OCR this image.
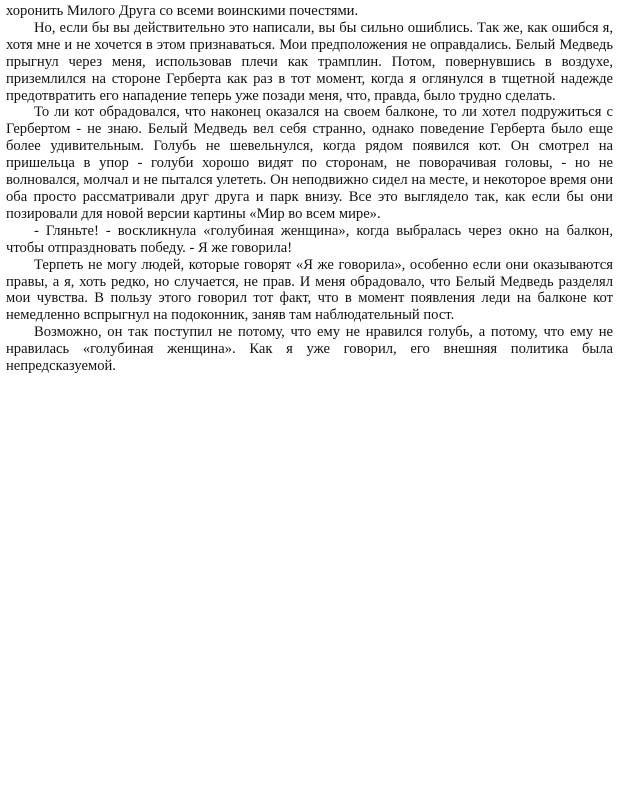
хоронить Милого Друга со всеми воинскими почестями.

Но, если бы вы действительно это написали, вы бы сильно ошиблись. Так же, как ошибся я, хотя мне и не хочется в этом признаваться. Мои предположения не оправдались. Белый Медведь прыгнул через меня, использовав плечи как трамплин. Потом, повернувшись в воздухе, приземлился на стороне Герберта как раз в тот момент, когда я оглянулся в тщетной надежде предотвратить его нападение теперь уже позади меня, что, правда, было трудно сделать.

То ли кот обрадовался, что наконец оказался на своем балконе, то ли хотел подружиться с Гербертом - не знаю. Белый Медведь вел себя странно, однако поведение Герберта было еще более удивительным. Голубь не шевельнулся, когда рядом появился кот. Он смотрел на пришельца в упор - голуби хорошо видят по сторонам, не поворачивая головы, - но не волновался, молчал и не пытался улететь. Он неподвижно сидел на месте, и некоторое время они оба просто рассматривали друг друга и парк внизу. Все это выглядело так, как если бы они позировали для новой версии картины «Мир во всем мире».

- Гляньте! - воскликнула «голубиная женщина», когда выбралась через окно на балкон, чтобы отпраздновать победу. - Я же говорила!

Терпеть не могу людей, которые говорят «Я же говорила», особенно если они оказываются правы, а я, хоть редко, но случается, не прав. И меня обрадовало, что Белый Медведь разделял мои чувства. В пользу этого говорил тот факт, что в момент появления леди на балконе кот немедленно вспрыгнул на подоконник, заняв там наблюдательный пост.

Возможно, он так поступил не потому, что ему не нравился голубь, а потому, что ему не нравилась «голубиная женщина». Как я уже говорил, его внешняя политика была непредсказуемой.
